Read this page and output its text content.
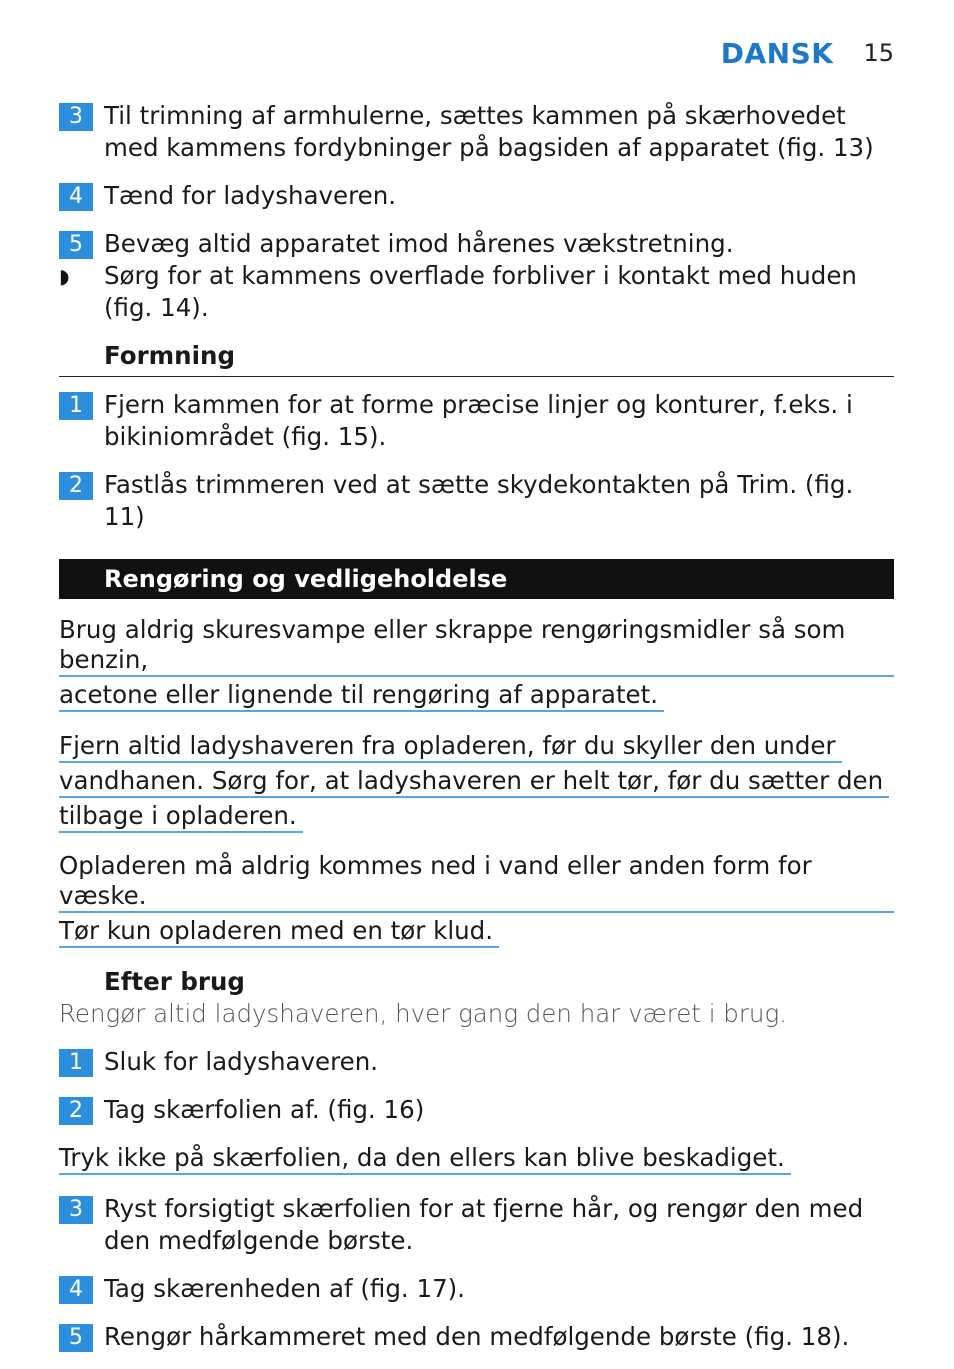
DANSK 15
3 Til trimning af armhulerne, sættes kammen på skærhovedet med kammens fordybninger på bagsiden af apparatet (fig. 13)
4 Tænd for ladyshaveren.
5 Bevæg altid apparatet imod hårenes vækstretning.
◗	Sørg for at kammens overflade forbliver i kontakt med huden (fig. 14).
Formning
1 Fjern kammen for at forme præcise linjer og konturer, f.eks. i bikiniområdet (fig. 15).
2 Fastlås trimmeren ved at sætte skydekontakten på Trim. (fig. 11)
Rengøring og vedligeholdelse
Brug aldrig skuresvampe eller skrappe rengøringsmidler så som benzin,
acetone eller lignende til rengøring af apparatet.
Fjern altid ladyshaveren fra opladeren, før du skyller den under
vandhanen. Sørg for, at ladyshaveren er helt tør, før du sætter den
tilbage i opladeren.
Opladeren må aldrig kommes ned i vand eller anden form for væske.
Tør kun opladeren med en tør klud.
Efter brug
Rengør altid ladyshaveren, hver gang den har været i brug.
1 Sluk for ladyshaveren.
2 Tag skærfolien af. (fig. 16)
Tryk ikke på skærfolien, da den ellers kan blive beskadiget.
3 Ryst forsigtigt skærfolien for at fjerne hår, og rengør den med den medfølgende børste.
4 Tag skærenheden af (fig. 17).
5 Rengør hårkammeret med den medfølgende børste (fig. 18).
